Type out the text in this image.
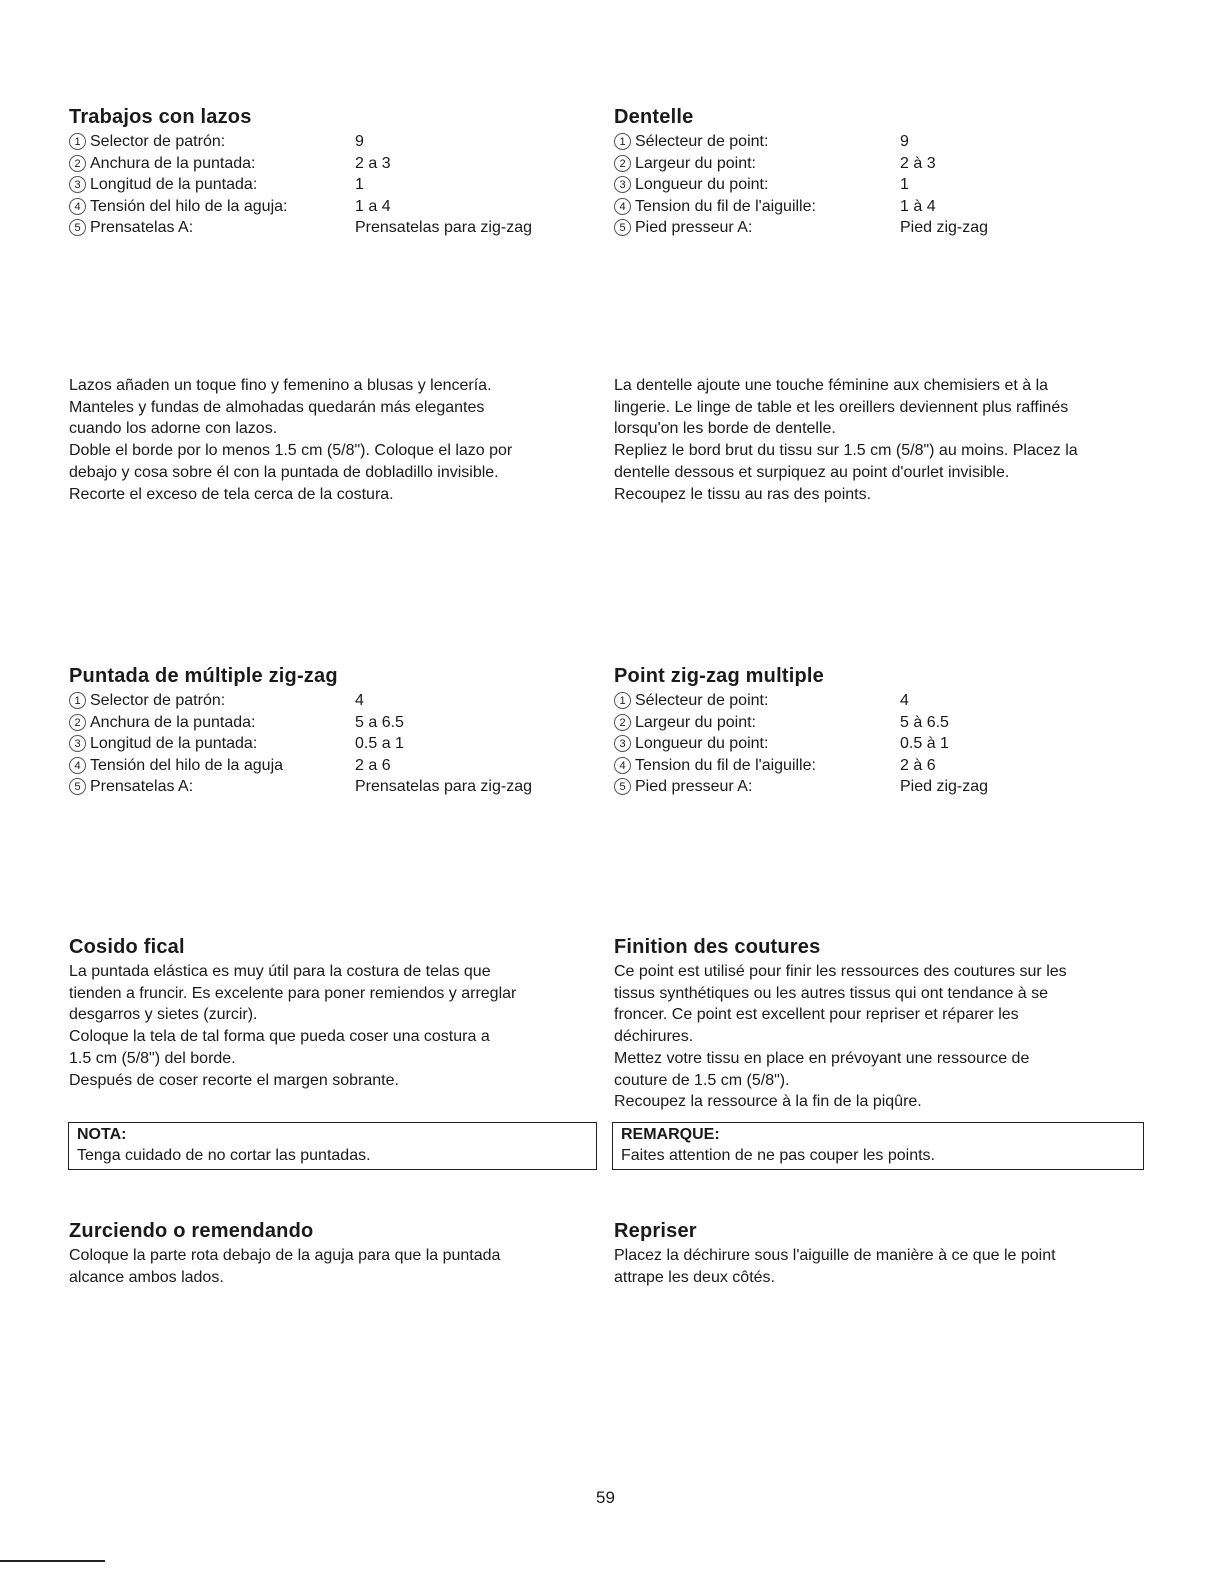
Trabajos con lazos
1 Selector de patrón:	9
2 Anchura de la puntada:	2 a 3
3 Longitud de la puntada:	1
4 Tensión del hilo de la aguja:	1 a 4
5 Prensatelas A:	Prensatelas para zig-zag
Dentelle
1 Sélecteur de point:	9
2 Largeur du point:	2 à 3
3 Longueur du point:	1
4 Tension du fil de l'aiguille:	1 à 4
5 Pied presseur A:	Pied zig-zag

Lazos añaden un toque fino y femenino a blusas y lencería.

Manteles y fundas de almohadas quedarán más elegantes

cuando los adorne con lazos.

Doble el borde por lo menos 1.5 cm (5/8"). Coloque el lazo por

debajo y cosa sobre él con la puntada de dobladillo invisible.

Recorte el exceso de tela cerca de la costura.

La dentelle ajoute une touche féminine aux chemisiers et à la

lingerie. Le linge de table et les oreillers deviennent plus raffinés

lorsqu'on les borde de dentelle.

Repliez le bord brut du tissu sur 1.5 cm (5/8") au moins. Placez la

dentelle dessous et surpiquez au point d'ourlet invisible.

Recoupez le tissu au ras des points.

Puntada de múltiple zig-zag
1 Selector de patrón:	4
2 Anchura de la puntada:	5 a 6.5
3 Longitud de la puntada:	0.5 a 1
4 Tensión del hilo de la aguja	2 a 6
5 Prensatelas A:	Prensatelas para zig-zag
Point zig-zag multiple
1 Sélecteur de point:	4
2 Largeur du point:	5 à 6.5
3 Longueur du point:	0.5 à 1
4 Tension du fil de l'aiguille:	2 à 6
5 Pied presseur A:	Pied zig-zag
Cosido fical

La puntada elástica es muy útil para la costura de telas que

tienden a fruncir. Es excelente para poner remiendos y arreglar

desgarros y sietes (zurcir).

Coloque la tela de tal forma que pueda coser una costura a

1.5 cm (5/8") del borde.

Después de coser recorte el margen sobrante.

NOTA:
Tenga cuidado de no cortar las puntadas.
Finition des coutures

Ce point est utilisé pour finir les ressources des coutures sur les

tissus synthétiques ou les autres tissus qui ont tendance à se

froncer. Ce point est excellent pour repriser et réparer les

déchirures.

Mettez votre tissu en place en prévoyant une ressource de

couture de 1.5 cm (5/8").

Recoupez la ressource à la fin de la piqûre.

REMARQUE:
Faites attention de ne pas couper les points.
Zurciendo o remendando

Coloque la parte rota debajo de la aguja para que la puntada

alcance ambos lados.

Repriser

Placez la déchirure sous l'aiguille de manière à ce que le point

attrape les deux côtés.

59
